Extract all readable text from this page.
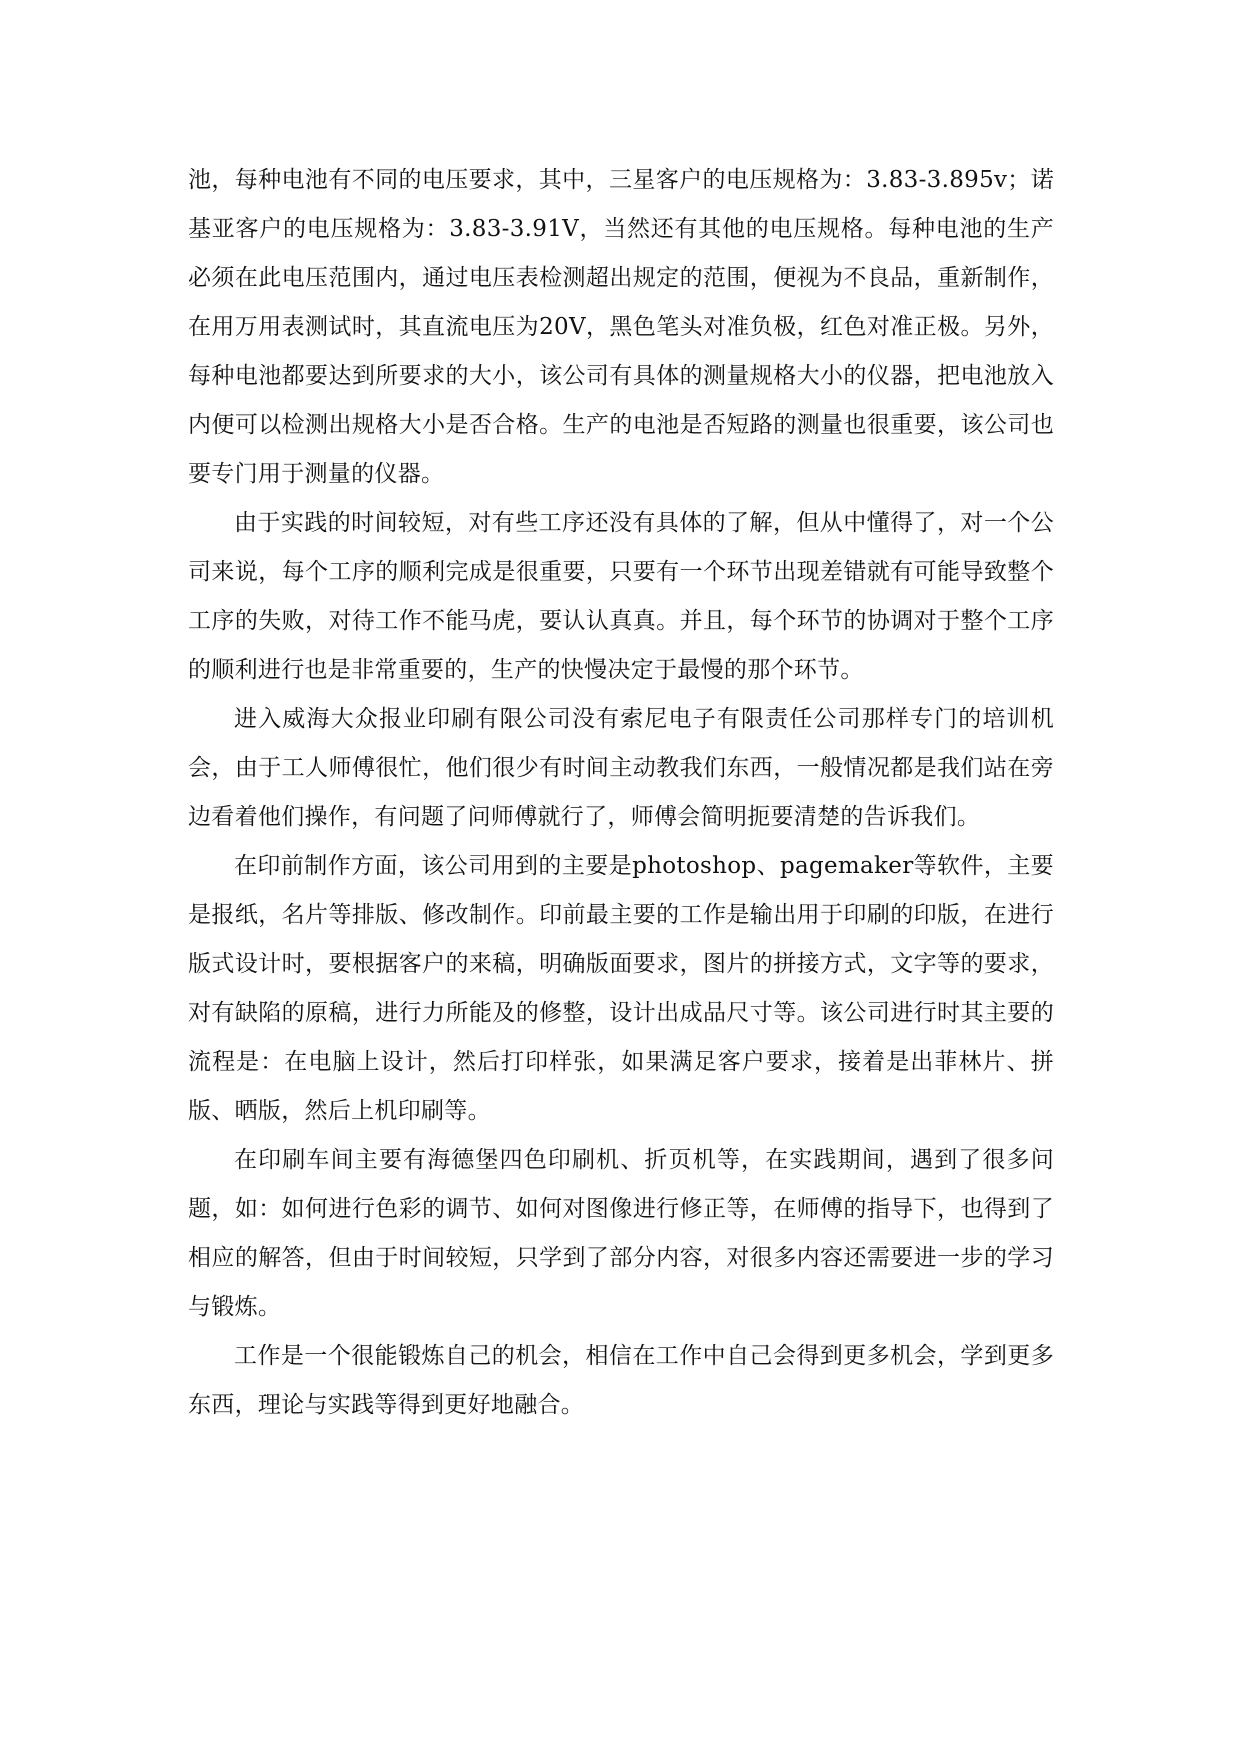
池，每种电池有不同的电压要求，其中，三星客户的电压规格为：3.83-3.895v；诺基亚客户的电压规格为：3.83-3.91V，当然还有其他的电压规格。每种电池的生产必须在此电压范围内，通过电压表检测超出规定的范围，便视为不良品，重新制作，在用万用表测试时，其直流电压为20V，黑色笔头对准负极，红色对准正极。另外，每种电池都要达到所要求的大小，该公司有具体的测量规格大小的仪器，把电池放入内便可以检测出规格大小是否合格。生产的电池是否短路的测量也很重要，该公司也要专门用于测量的仪器。

由于实践的时间较短，对有些工序还没有具体的了解，但从中懂得了，对一个公司来说，每个工序的顺利完成是很重要，只要有一个环节出现差错就有可能导致整个工序的失败，对待工作不能马虎，要认认真真。并且，每个环节的协调对于整个工序的顺利进行也是非常重要的，生产的快慢决定于最慢的那个环节。

进入威海大众报业印刷有限公司没有索尼电子有限责任公司那样专门的培训机会，由于工人师傅很忙，他们很少有时间主动教我们东西，一般情况都是我们站在旁边看着他们操作，有问题了问师傅就行了，师傅会简明扼要清楚的告诉我们。

在印前制作方面，该公司用到的主要是photoshop、pagemaker等软件，主要是报纸，名片等排版、修改制作。印前最主要的工作是输出用于印刷的印版，在进行版式设计时，要根据客户的来稿，明确版面要求，图片的拼接方式，文字等的要求，对有缺陷的原稿，进行力所能及的修整，设计出成品尺寸等。该公司进行时其主要的流程是：在电脑上设计，然后打印样张，如果满足客户要求，接着是出菲林片、拼版、晒版，然后上机印刷等。

在印刷车间主要有海德堡四色印刷机、折页机等，在实践期间，遇到了很多问题，如：如何进行色彩的调节、如何对图像进行修正等，在师傅的指导下，也得到了相应的解答，但由于时间较短，只学到了部分内容，对很多内容还需要进一步的学习与锻炼。

工作是一个很能锻炼自己的机会，相信在工作中自己会得到更多机会，学到更多东西，理论与实践等得到更好地融合。
